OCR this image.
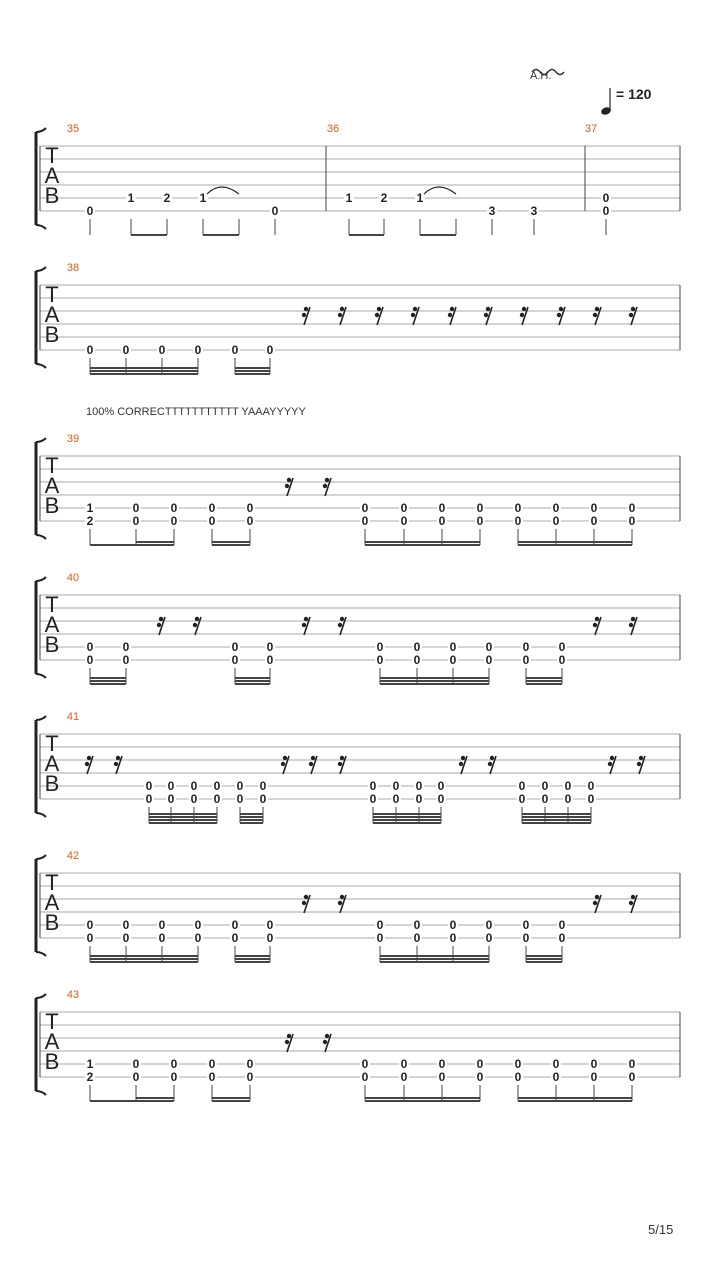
A.H.
= 120
100% CORRECTTTTTTTTTTT YAAAYYYYY
T
A
B
35	36	37
0
1 2 1
0
1 2 1
3	3
0
0
T
A
B
38
0 0 0 0	0 0
T
A
B
39
1
2
0
0
0
0
0
0
0
0
0
0
0
0
0
0
0
0
0
0
0
0
0
0
0
0
T
A
B
40
0
0
0
0
0
0
0
0
0
0
0
0
0
0
0
0
0
0
0
0
T
A
B
41
0
0
0
0
0
0
0
0
0
0
0
0
0
0
0
0
0
0
0
0
0
0
0
0
0
0
0
0
T
A
B
42
0
0
0
0
0
0
0
0
0
0
0
0
0
0
0
0
0
0
0
0
0
0
0
0
T
A
B
43
1
2
0
0
0
0
0
0
0
0
0
0
0
0
0
0
0
0
0
0
0
0
0
0
0
0
5/15
